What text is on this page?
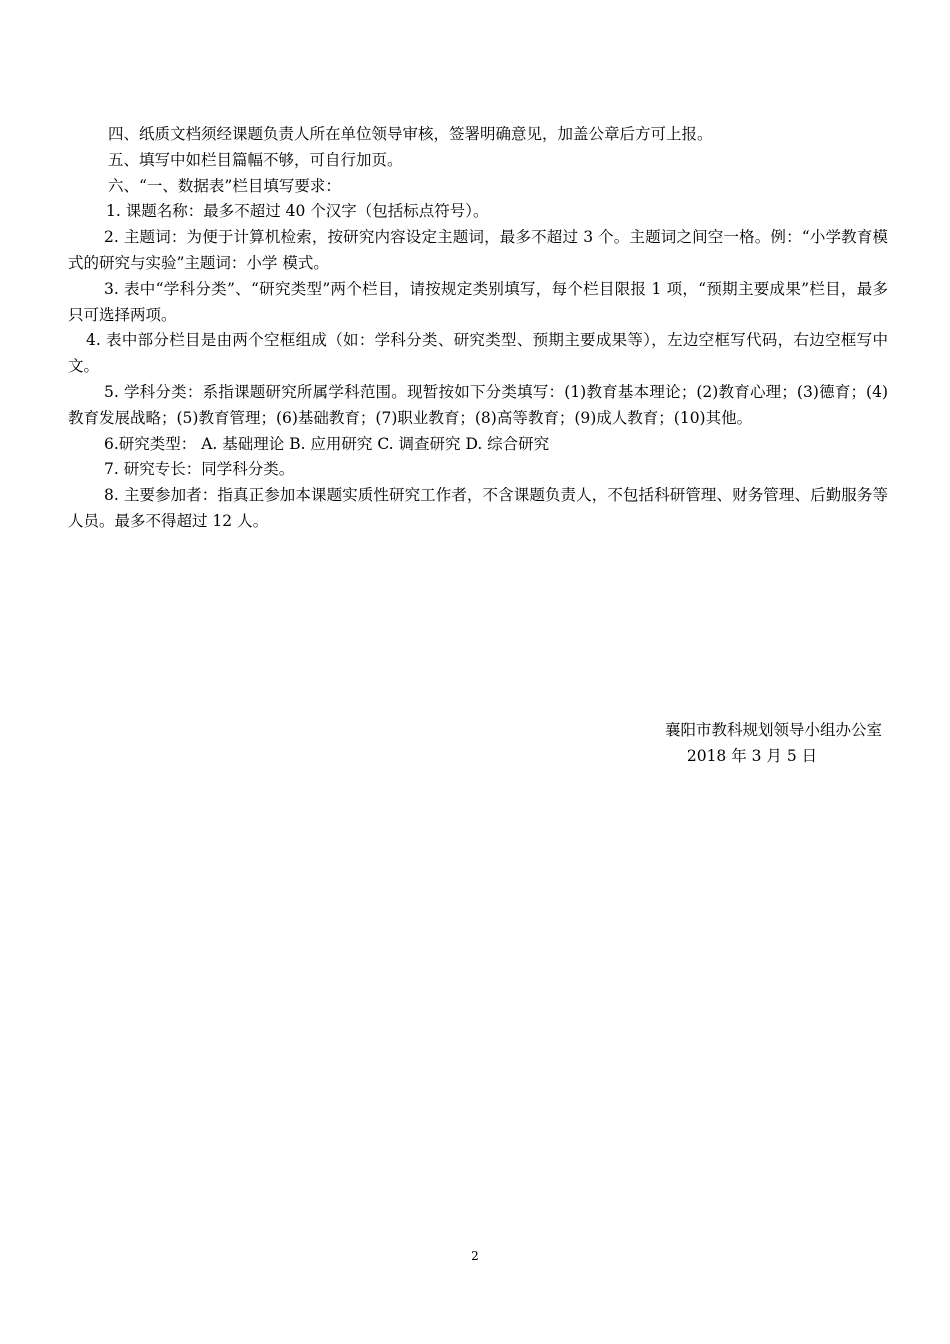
四、纸质文档须经课题负责人所在单位领导审核，签署明确意见，加盖公章后方可上报。

五、填写中如栏目篇幅不够，可自行加页。

六、“一、数据表”栏目填写要求：

1. 课题名称：最多不超过 40 个汉字（包括标点符号）。

2. 主题词：为便于计算机检索，按研究内容设定主题词，最多不超过 3 个。主题词之间空一格。例：“小学教育模式的研究与实验”主题词：小学 模式。

3. 表中“学科分类”、“研究类型”两个栏目，请按规定类别填写，每个栏目限报 1 项，“预期主要成果”栏目，最多只可选择两项。

4. 表中部分栏目是由两个空框组成（如：学科分类、研究类型、预期主要成果等），左边空框写代码，右边空框写中文。

5. 学科分类：系指课题研究所属学科范围。现暂按如下分类填写：(1)教育基本理论；(2)教育心理；(3)德育；(4)教育发展战略；(5)教育管理；(6)基础教育；(7)职业教育；(8)高等教育；(9)成人教育；(10)其他。

6.研究类型： A. 基础理论 B. 应用研究 C. 调查研究 D. 综合研究

7. 研究专长：同学科分类。

8. 主要参加者：指真正参加本课题实质性研究工作者，不含课题负责人，不包括科研管理、财务管理、后勤服务等人员。最多不得超过 12 人。

襄阳市教科规划领导小组办公室
2018 年 3 月 5 日
2
